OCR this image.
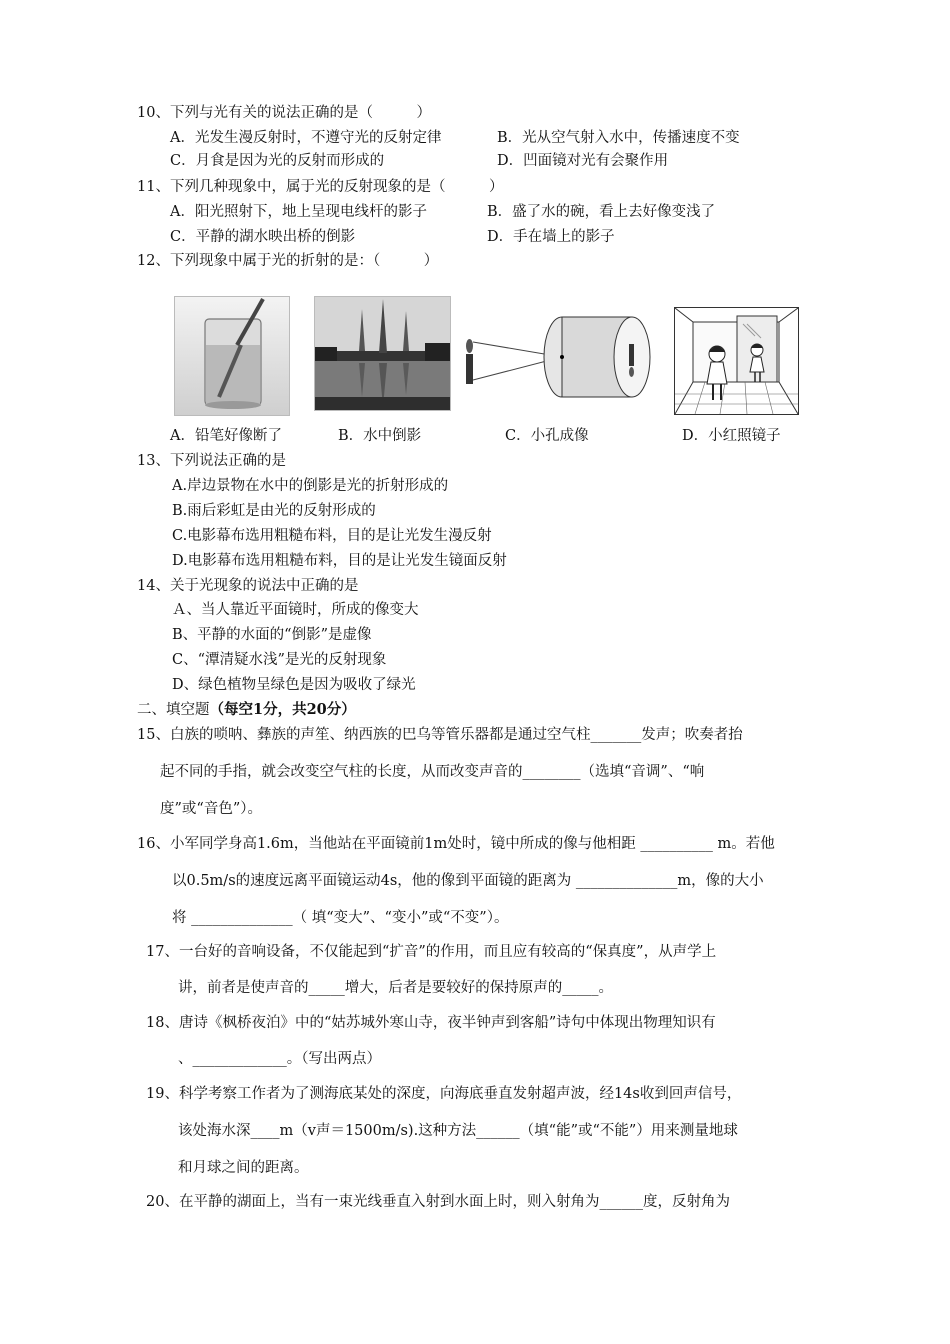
10、下列与光有关的说法正确的是（　　　）
A．光发生漫反射时，不遵守光的反射定律	B．光从空气射入水中，传播速度不变
C．月食是因为光的反射而形成的	D．凹面镜对光有会聚作用
11、下列几种现象中，属于光的反射现象的是（　　　）
A．阳光照射下，地上呈现电线杆的影子	B．盛了水的碗，看上去好像变浅了
C．平静的湖水映出桥的倒影	D．手在墙上的影子
12、下列现象中属于光的折射的是：（　　　）
A．铅笔好像断了	B．水中倒影	C．小孔成像	D．小红照镜子
13、下列说法正确的是
A.岸边景物在水中的倒影是光的折射形成的
B.雨后彩虹是由光的反射形成的
C.电影幕布选用粗糙布料，目的是让光发生漫反射
D.电影幕布选用粗糙布料，目的是让光发生镜面反射
14、关于光现象的说法中正确的是
Ａ、当人靠近平面镜时，所成的像变大
B、平静的水面的“倒影”是虚像
C、“潭清疑水浅”是光的反射现象
D、绿色植物呈绿色是因为吸收了绿光
二、填空题（每空1分，共20分）
15、白族的唢呐、彝族的声笙、纳西族的巴乌等管乐器都是通过空气柱_______发声；吹奏者抬
起不同的手指，就会改变空气柱的长度，从而改变声音的________（选填“音调”、“响
度”或“音色”）。
16、小军同学身高1.6m，当他站在平面镜前1m处时，镜中所成的像与他相距 __________ m。若他
以0.5m/s的速度远离平面镜运动4s，他的像到平面镜的距离为 ______________m，像的大小
将 ______________（ 填“变大”、“变小”或“不变”）。
17、一台好的音响设备，不仅能起到“扩音”的作用，而且应有较高的“保真度”，从声学上
讲，前者是使声音的_____增大，后者是要较好的保持原声的_____。
18、唐诗《枫桥夜泊》中的“姑苏城外寒山寺，夜半钟声到客船”诗句中体现出物理知识有
、_____________。（写出两点）
19、科学考察工作者为了测海底某处的深度，向海底垂直发射超声波，经14s收到回声信号，
该处海水深____m（v声＝1500m/s).这种方法______（填“能”或“不能”）用来测量地球
和月球之间的距离。
20、在平静的湖面上，当有一束光线垂直入射到水面上时，则入射角为______度，反射角为
